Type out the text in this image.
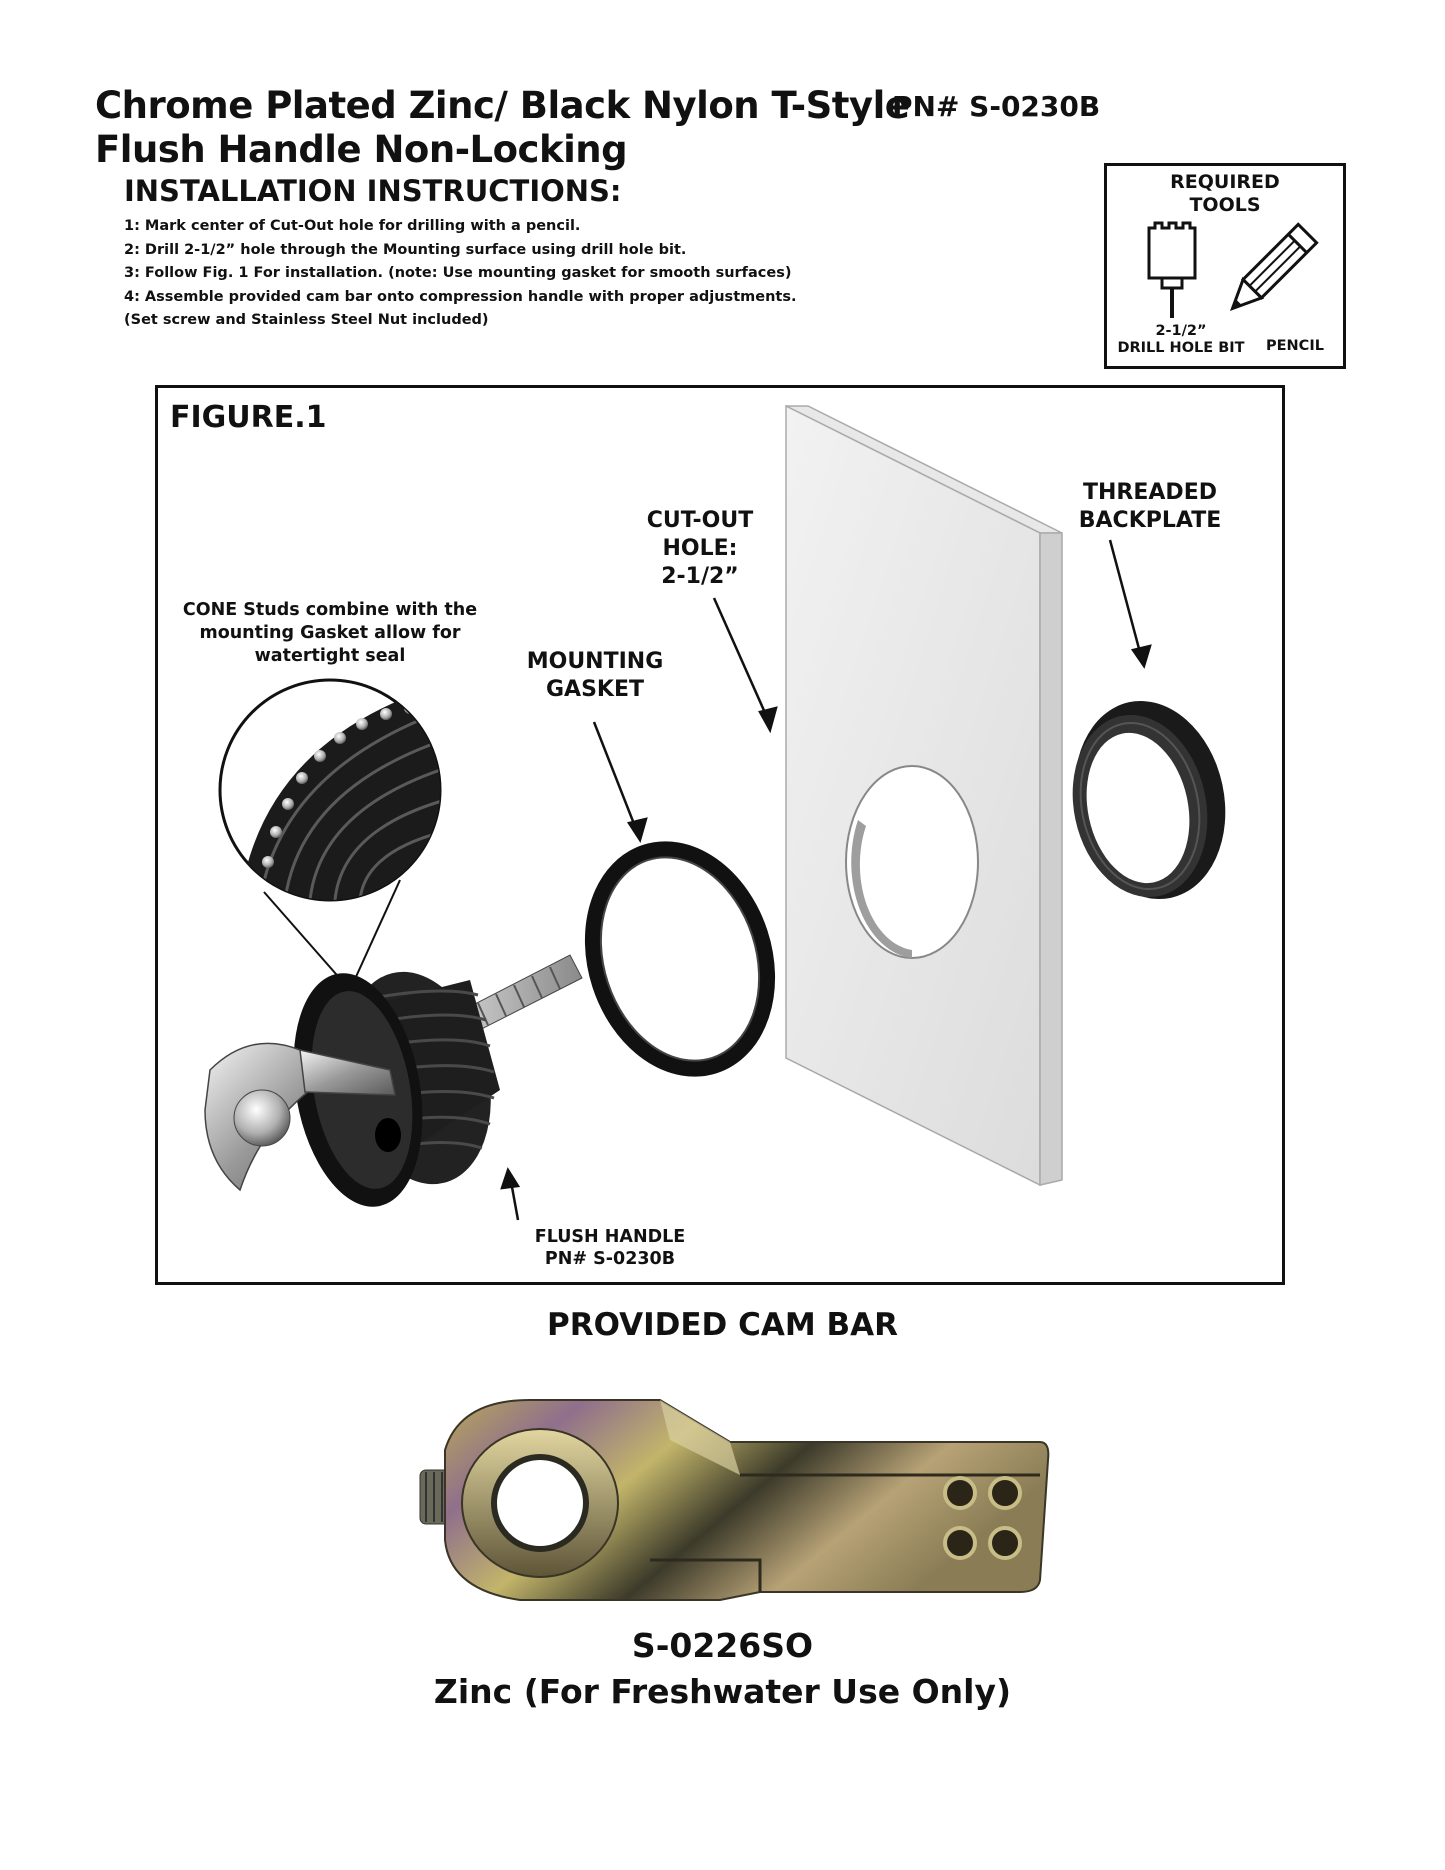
Chrome Plated Zinc/ Black Nylon T-Style
PN# S-0230B
Flush Handle Non-Locking
INSTALLATION INSTRUCTIONS:
1: Mark center of Cut-Out hole for drilling with a pencil.
2: Drill 2-1/2” hole through the Mounting surface using drill hole bit.
3: Follow Fig. 1 For installation. (note: Use mounting gasket for smooth surfaces)
4: Assemble provided cam bar onto compression handle with proper adjustments.
(Set screw and Stainless Steel Nut included)
REQUIRED
TOOLS
2-1/2”
DRILL HOLE BIT	PENCIL
FIGURE.1
CUT-OUT
HOLE:
2-1/2”
THREADED
BACKPLATE
CONE Studs combine with the
mounting Gasket allow for
watertight seal	MOUNTING
GASKET
FLUSH HANDLE
PN# S-0230B
PROVIDED CAM BAR
S-0226SO
Zinc (For Freshwater Use Only)
